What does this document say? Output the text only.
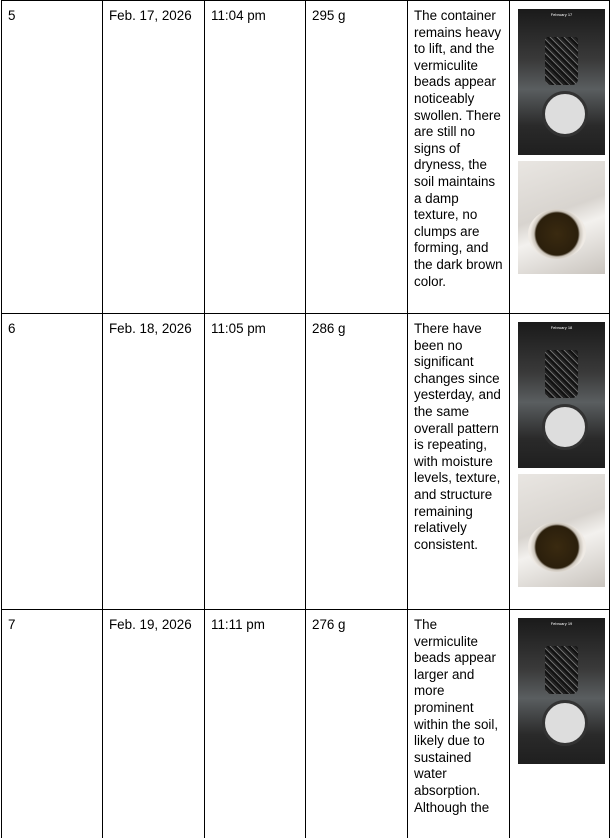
5	Feb. 17, 2026	11:04 pm	295 g	The container remains heavy to lift, and the vermiculite beads appear noticeably swollen. There are still no signs of dryness, the soil maintains a damp texture, no clumps are forming, and the dark brown color.	February 17

6	Feb. 18, 2026	11:05 pm	286 g	There have been no significant changes since yesterday, and the same overall pattern is repeating, with moisture levels, texture, and structure remaining relatively consistent.	February 18

7	Feb. 19, 2026	11:11 pm	276 g	The vermiculite beads appear larger and more prominent within the soil, likely due to sustained water absorption. Although the	February 19
